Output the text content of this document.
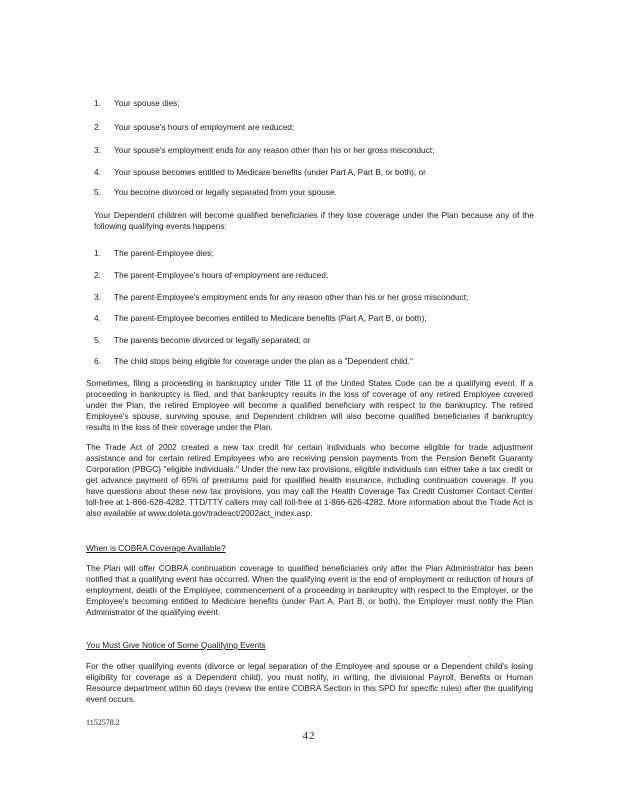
1. Your spouse dies;
2. Your spouse's hours of employment are reduced;
3. Your spouse's employment ends for any reason other than his or her gross misconduct;
4. Your spouse becomes entitled to Medicare benefits (under Part A, Part B, or both); or
5. You become divorced or legally separated from your spouse.

Your Dependent children will become qualified beneficiaries if they lose coverage under the Plan because any of the following qualifying events happens:

1. The parent-Employee dies;
2. The parent-Employee's hours of employment are reduced;
3. The parent-Employee's employment ends for any reason other than his or her gross misconduct;
4. The parent-Employee becomes entitled to Medicare benefits (Part A, Part B, or both);
5. The parents become divorced or legally separated; or
6. The child stops being eligible for coverage under the plan as a "Dependent child."

Sometimes, filing a proceeding in bankruptcy under Title 11 of the United States Code can be a qualifying event. If a proceeding in bankruptcy is filed, and that bankruptcy results in the loss of coverage of any retired Employee covered under the Plan, the retired Employee will become a qualified beneficiary with respect to the bankruptcy. The retired Employee's spouse, surviving spouse, and Dependent children will also become qualified beneficiaries if bankruptcy results in the loss of their coverage under the Plan.

The Trade Act of 2002 created a new tax credit for certain individuals who become eligible for trade adjustment assistance and for certain retired Employees who are receiving pension payments from the Pension Benefit Guaranty Corporation (PBGC) "eligible individuals." Under the new tax provisions, eligible individuals can either take a tax credit or get advance payment of 65% of premiums paid for qualified health insurance, including continuation coverage. If you have questions about these new tax provisions, you may call the Health Coverage Tax Credit Customer Contact Center toll-free at 1-866-628-4282. TTD/TTY callers may call toll-free at 1-866-626-4282. More information about the Trade Act is also available at www.doleta.gov/tradeact/2002act_index.asp.

When is COBRA Coverage Available?

The Plan will offer COBRA continuation coverage to qualified beneficiaries only after the Plan Administrator has been notified that a qualifying event has occurred. When the qualifying event is the end of employment or reduction of hours of employment, death of the Employee, commencement of a proceeding in bankruptcy with respect to the Employer, or the Employee's becoming entitled to Medicare benefits (under Part A, Part B, or both), the Employer must notify the Plan Administrator of the qualifying event.

You Must Give Notice of Some Qualifying Events

For the other qualifying events (divorce or legal separation of the Employee and spouse or a Dependent child's losing eligibility for coverage as a Dependent child), you must notify, in writing, the divisional Payroll, Benefits or Human Resource department within 60 days (review the entire COBRA Section in this SPD for specific rules) after the qualifying event occurs.

1152578.2
42
